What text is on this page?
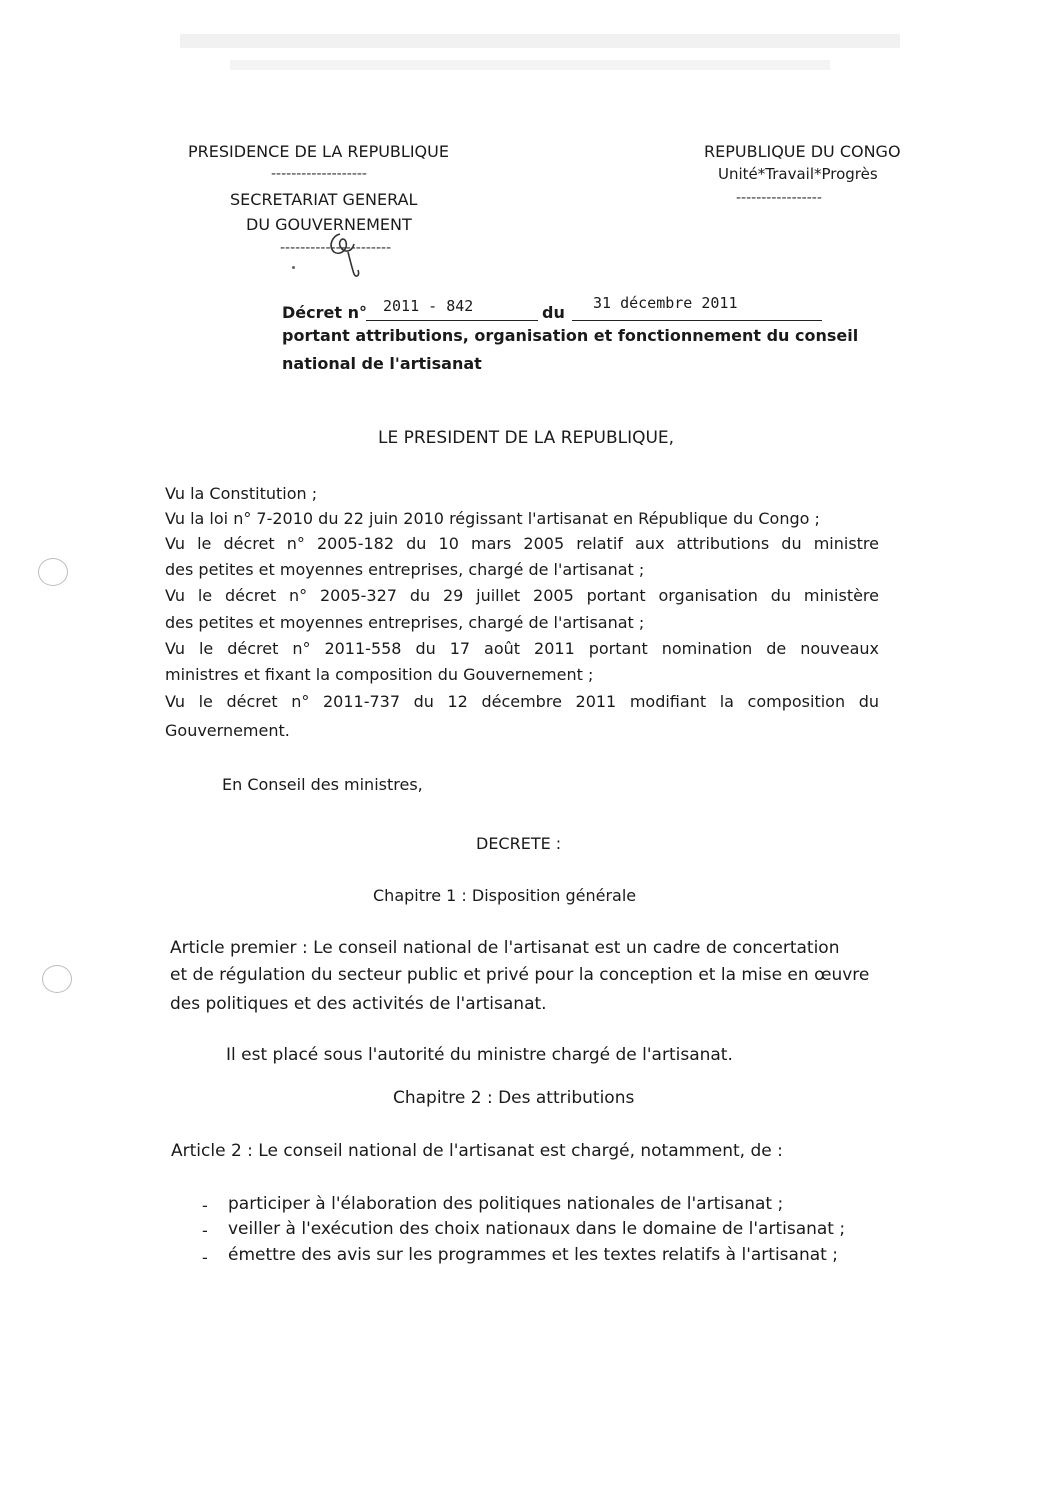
PRESIDENCE DE LA REPUBLIQUE
-------------------
SECRETARIAT GENERAL
DU GOUVERNEMENT
----------------------
REPUBLIQUE DU CONGO
Unité*Travail*Progrès
-----------------
Décret n° 2011 - 842	du 31 décembre 2011
portant attributions, organisation et fonctionnement du conseil
national de l'artisanat
LE PRESIDENT DE LA REPUBLIQUE,
Vu la Constitution ;
Vu la loi n° 7-2010 du 22 juin 2010 régissant l'artisanat en République du Congo ;
Vu le décret n° 2005-182 du 10 mars 2005 relatif aux attributions du ministre
des petites et moyennes entreprises, chargé de l'artisanat ;
Vu le décret n° 2005-327 du 29 juillet 2005 portant organisation du ministère
des petites et moyennes entreprises, chargé de l'artisanat ;
Vu le décret n° 2011-558 du 17 août 2011 portant nomination de nouveaux
ministres et fixant la composition du Gouvernement ;
Vu le décret n° 2011-737 du 12 décembre 2011 modifiant la composition du
Gouvernement.
En Conseil des ministres,
DECRETE :
Chapitre 1 : Disposition générale
Article premier : Le conseil national de l'artisanat est un cadre de concertation
et de régulation du secteur public et privé pour la conception et la mise en œuvre
des politiques et des activités de l'artisanat.
Il est placé sous l'autorité du ministre chargé de l'artisanat.
Chapitre 2 : Des attributions
Article 2 : Le conseil national de l'artisanat est chargé, notamment, de :
- participer à l'élaboration des politiques nationales de l'artisanat ;
- veiller à l'exécution des choix nationaux dans le domaine de l'artisanat ;
- émettre des avis sur les programmes et les textes relatifs à l'artisanat ;
